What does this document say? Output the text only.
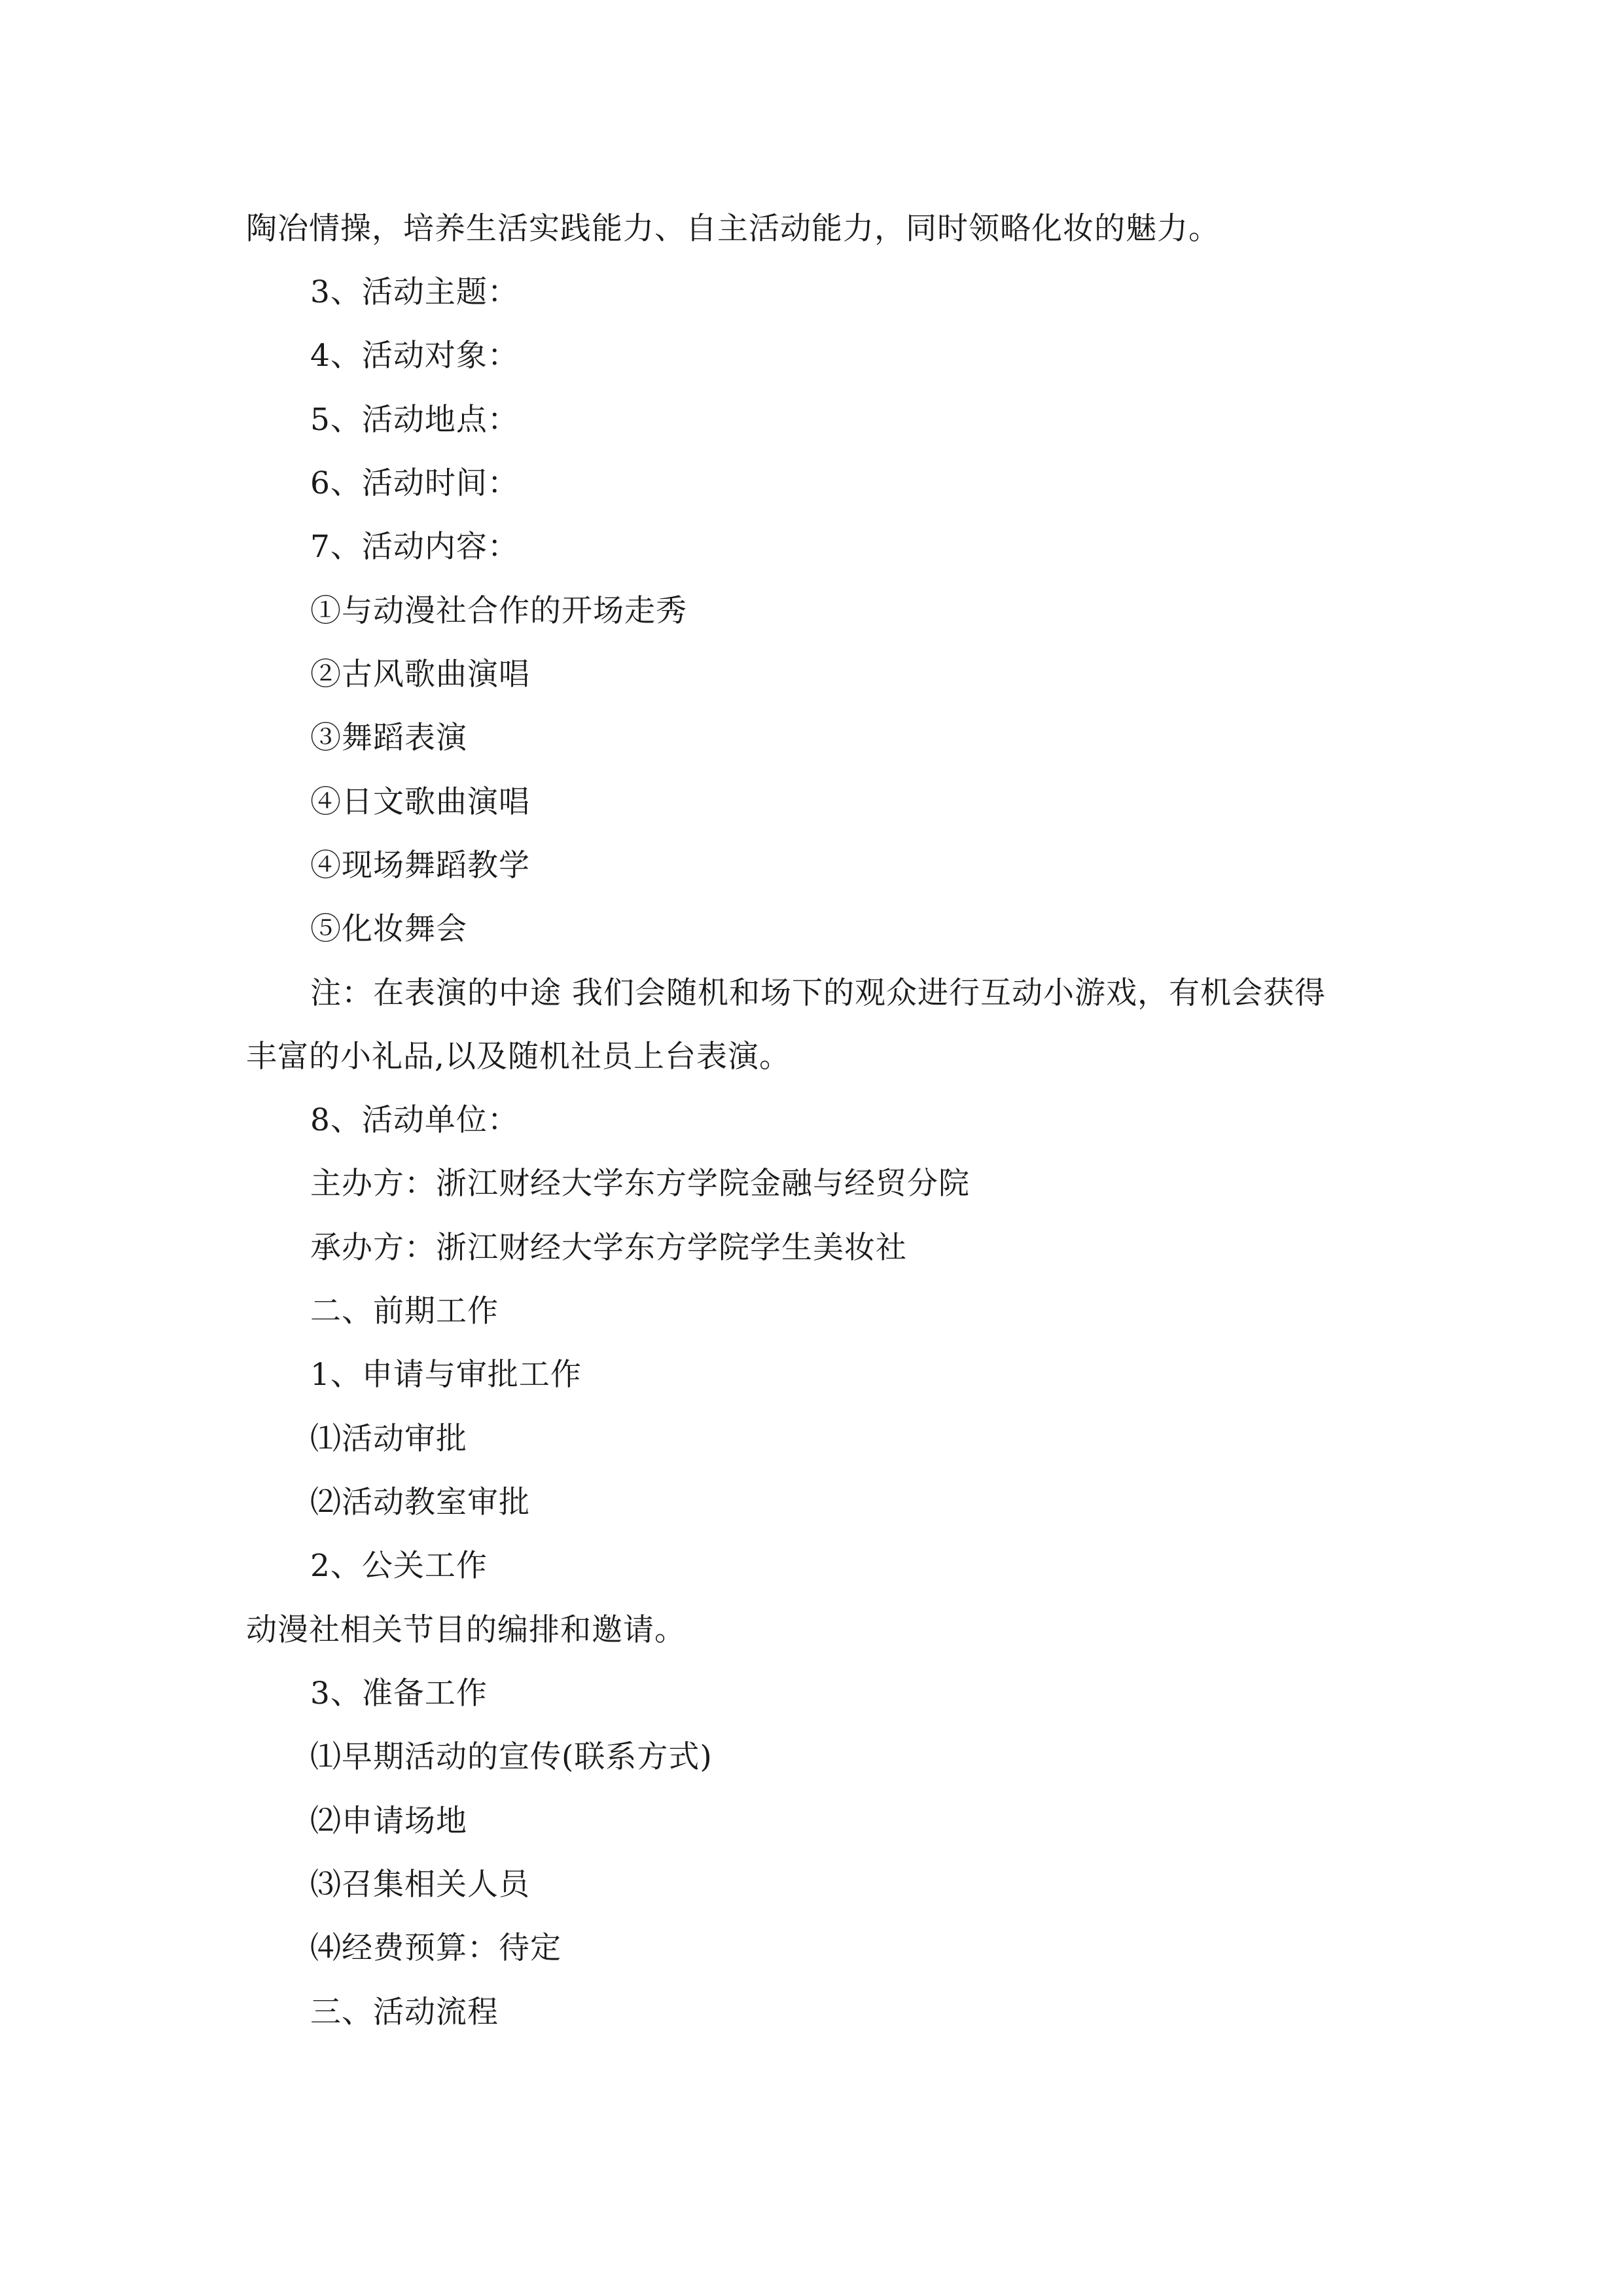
陶冶情操，培养生活实践能力、自主活动能力，同时领略化妆的魅力。
3、活动主题：
4、活动对象：
5、活动地点：
6、活动时间：
7、活动内容：
①与动漫社合作的开场走秀
②古风歌曲演唱
③舞蹈表演
④日文歌曲演唱
④现场舞蹈教学
⑤化妆舞会
注：在表演的中途 我们会随机和场下的观众进行互动小游戏，有机会获得
丰富的小礼品,以及随机社员上台表演。
8、活动单位：
主办方：浙江财经大学东方学院金融与经贸分院
承办方：浙江财经大学东方学院学生美妆社
二、前期工作
1、申请与审批工作
⑴活动审批
⑵活动教室审批
2、公关工作
动漫社相关节目的编排和邀请。
3、准备工作
⑴早期活动的宣传(联系方式)
⑵申请场地
⑶召集相关人员
⑷经费预算：待定
三、活动流程
